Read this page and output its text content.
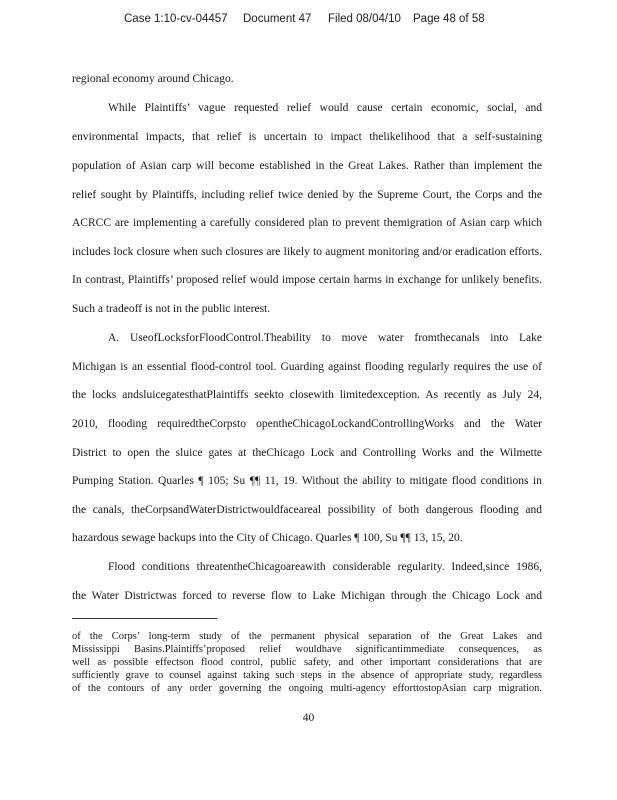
Case 1:10-cv-04457 Document 47 Filed 08/04/10 Page 48 of 58
regional economy around Chicago.
While Plaintiffs’ vague requested relief would cause certain economic, social, and
environmental impacts, that relief is uncertain to impact thelikelihood that a self-sustaining
population of Asian carp will become established in the Great Lakes. Rather than implement the
relief sought by Plaintiffs, including relief twice denied by the Supreme Court, the Corps and the
ACRCC are implementing a carefully considered plan to prevent themigration of Asian carp which
includes lock closure when such closures are likely to augment monitoring and/or eradication efforts.
In contrast, Plaintiffs’ proposed relief would impose certain harms in exchange for unlikely benefits.
Such a tradeoff is not in the public interest.
A. UseofLocksforFloodControl.Theability to move water fromthecanals into Lake
Michigan is an essential flood-control tool. Guarding against flooding regularly requires the use of
the locks andsluicegatesthatPlaintiffs seekto closewith limitedexception. As recently as July 24,
2010, flooding requiredtheCorpsto opentheChicagoLockandControllingWorks and the Water
District to open the sluice gates at theChicago Lock and Controlling Works and the Wilmette
Pumping Station. Quarles ¶ 105; Su ¶¶ 11, 19. Without the ability to mitigate flood conditions in
the canals, theCorpsandWaterDistrictwouldfaceareal possibility of both dangerous flooding and
hazardous sewage backups into the City of Chicago. Quarles ¶ 100, Su ¶¶ 13, 15, 20.
Flood conditions threatentheChicagoareawith considerable regularity. Indeed,since 1986,
the Water Districtwas forced to reverse flow to Lake Michigan through the Chicago Lock and
of the Corps’ long-term study of the permanent physical separation of the Great Lakes and
Mississippi Basins.Plaintiffs’proposed relief wouldhave significantimmediate consequences, as
well as possible effectson flood control, public safety, and other important considerations that are
sufficiently grave to counsel against taking such steps in the absence of appropriate study, regardless
of the contours of any order governing the ongoing multi-agency efforttostopAsian carp migration.
40
